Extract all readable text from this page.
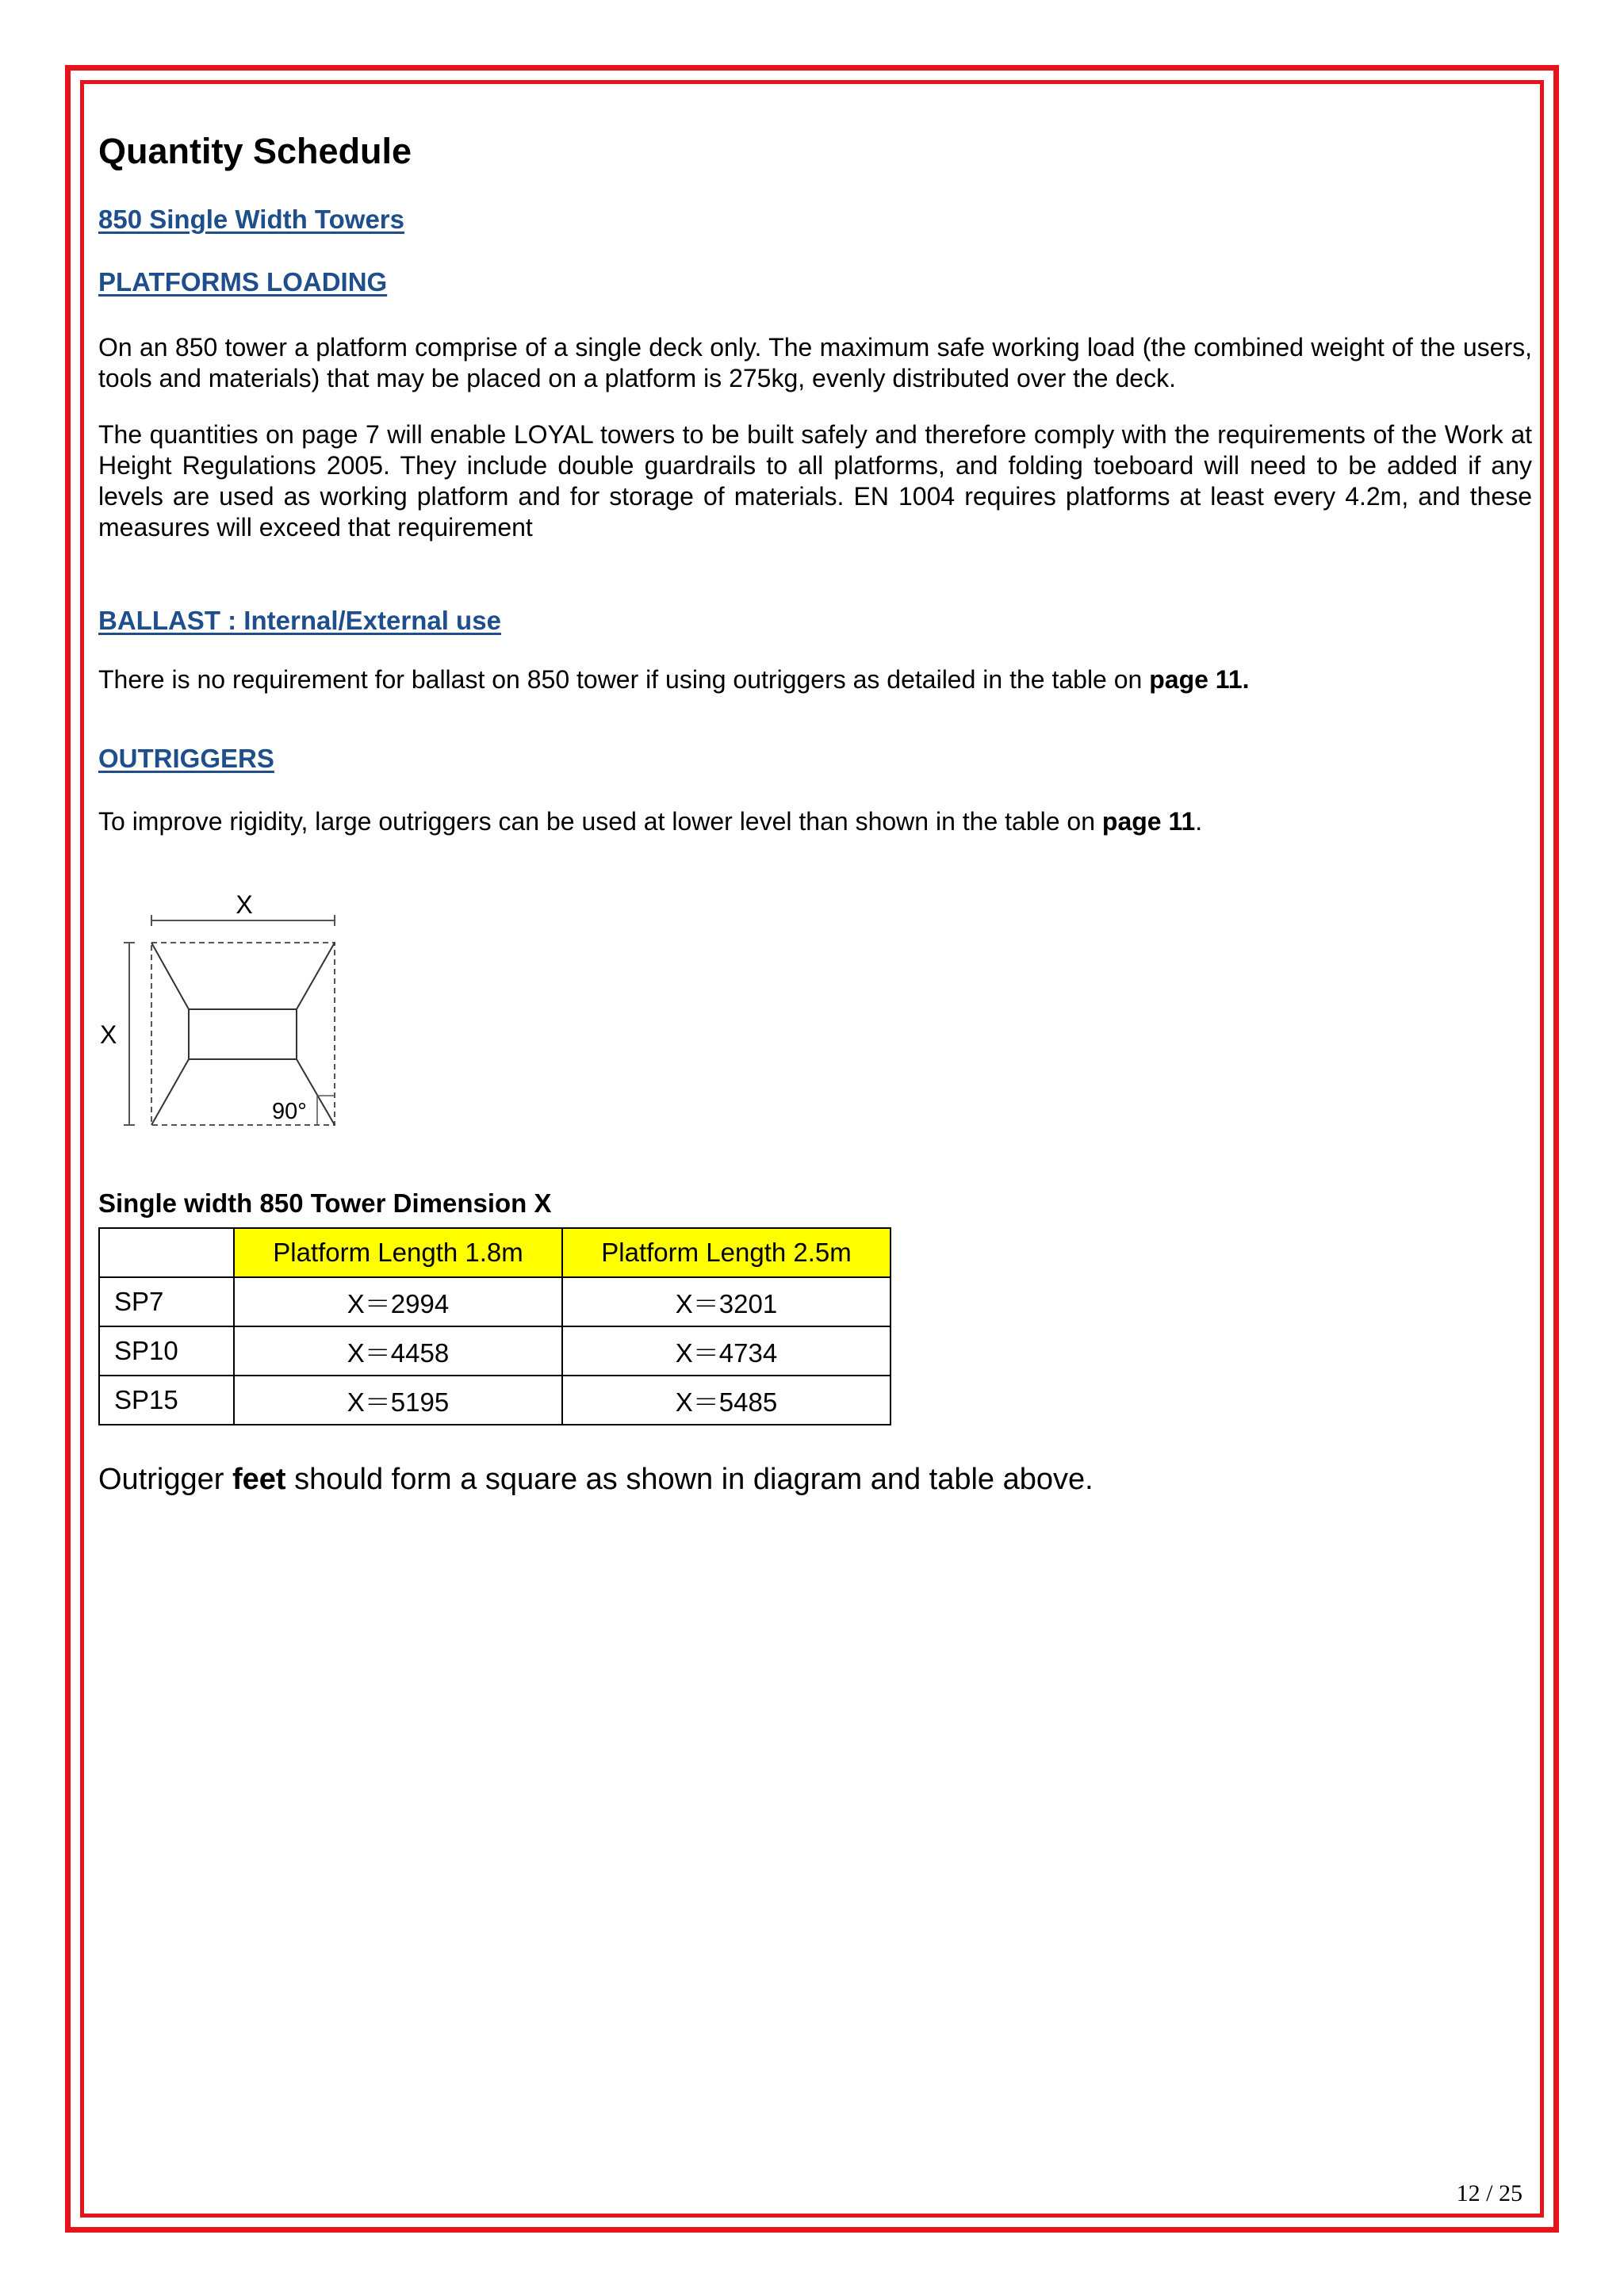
Quantity Schedule
850 Single Width Towers
PLATFORMS LOADING

On an 850 tower a platform comprise of a single deck only. The maximum safe working load (the combined weight of the users, tools and materials) that may be placed on a platform is 275kg, evenly distributed over the deck.

The quantities on page 7 will enable LOYAL towers to be built safely and therefore comply with the requirements of the Work at Height Regulations 2005. They include double guardrails to all platforms, and folding toeboard will need to be added if any levels are used as working platform and for storage of materials. EN 1004 requires platforms at least every 4.2m, and these measures will exceed that requirement

BALLAST : Internal/External use

There is no requirement for ballast on 850 tower if using outriggers as detailed in the table on page 11.

OUTRIGGERS

To improve rigidity, large outriggers can be used at lower level than shown in the table on page 11.

X
X
90°

Single width 850 Tower Dimension X

	Platform Length 1.8m	Platform Length 2.5m
SP7	X＝2994	X＝3201
SP10	X＝4458	X＝4734
SP15	X＝5195	X＝5485

Outrigger feet should form a square as shown in diagram and table above.

12 / 25
